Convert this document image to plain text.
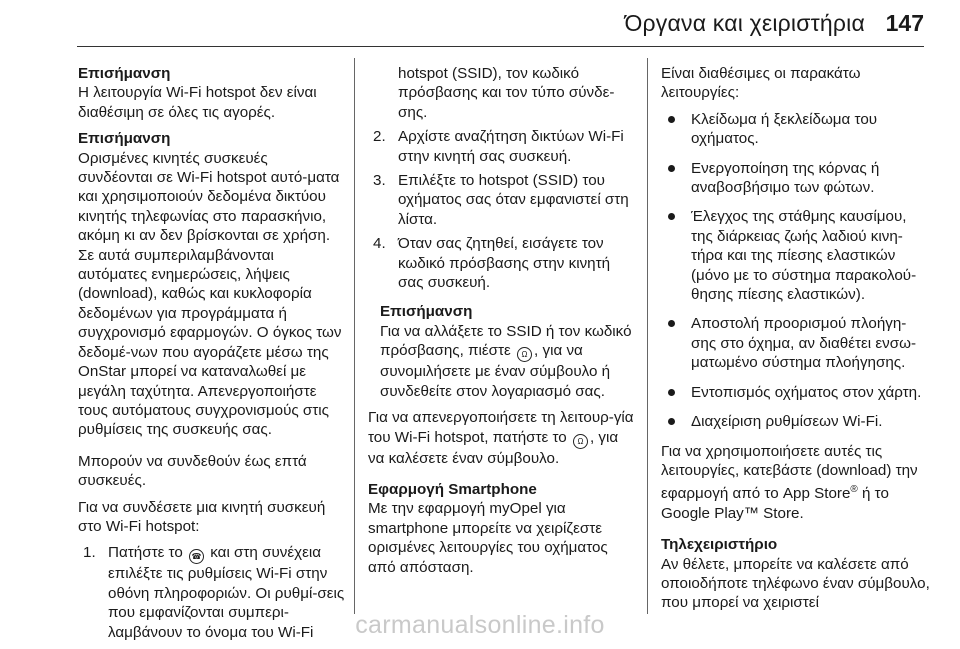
Όργανα και χειριστήρια 147

Επισήμανση
Η λειτουργία Wi-Fi hotspot δεν είναι διαθέσιμη σε όλες τις αγορές.

Επισήμανση
Ορισμένες κινητές συσκευές συνδέονται σε Wi-Fi hotspot αυτό-ματα και χρησιμοποιούν δεδομένα δικτύου κινητής τηλεφωνίας στο παρασκήνιο, ακόμη κι αν δεν βρίσκονται σε χρήση. Σε αυτά συμπεριλαμβάνονται αυτόματες ενημερώσεις, λήψεις (download), καθώς και κυκλοφορία δεδομένων για προγράμματα ή συγχρονισμό εφαρμογών. Ο όγκος των δεδομέ-νων που αγοράζετε μέσω της OnStar μπορεί να καταναλωθεί με μεγάλη ταχύτητα. Απενεργοποιήστε τους αυτόματους συγχρονισμούς στις ρυθμίσεις της συσκευής σας.

Μπορούν να συνδεθούν έως επτά συσκευές.

Για να συνδέσετε μια κινητή συσκευή στο Wi-Fi hotspot:

1. Πατήστε το ☎ και στη συνέχεια επιλέξτε τις ρυθμίσεις Wi-Fi στην οθόνη πληροφοριών. Οι ρυθμί-σεις που εμφανίζονται συμπερι-λαμβάνουν το όνομα του Wi-Fi
hotspot (SSID), τον κωδικό πρόσβασης και τον τύπο σύνδε-σης.
2. Αρχίστε αναζήτηση δικτύων Wi-Fi στην κινητή σας συσκευή.
3. Επιλέξτε το hotspot (SSID) του οχήματος σας όταν εμφανιστεί στη λίστα.
4. Όταν σας ζητηθεί, εισάγετε τον κωδικό πρόσβασης στην κινητή σας συσκευή.

Επισήμανση
Για να αλλάξετε το SSID ή τον κωδικό πρόσβασης, πιέστε Ω , για να συνομιλήσετε με έναν σύμβουλο ή συνδεθείτε στον λογαριασμό σας.

Για να απενεργοποιήσετε τη λειτουρ-γία του Wi-Fi hotspot, πατήστε το Ω , για να καλέσετε έναν σύμβουλο.

Εφαρμογή Smartphone
Με την εφαρμογή myOpel για smartphone μπορείτε να χειρίζεστε ορισμένες λειτουργίες του οχήματος από απόσταση.

Είναι διαθέσιμες οι παρακάτω λειτουργίες:

Κλείδωμα ή ξεκλείδωμα του οχήματος.
Ενεργοποίηση της κόρνας ή αναβοσβήσιμο των φώτων.
Έλεγχος της στάθμης καυσίμου, της διάρκειας ζωής λαδιού κινη-τήρα και της πίεσης ελαστικών (μόνο με το σύστημα παρακολού-θησης πίεσης ελαστικών).
Αποστολή προορισμού πλοήγη-σης στο όχημα, αν διαθέτει ενσω-ματωμένο σύστημα πλοήγησης.
Εντοπισμός οχήματος στον χάρτη.
Διαχείριση ρυθμίσεων Wi-Fi.

Για να χρησιμοποιήσετε αυτές τις λειτουργίες, κατεβάστε (download) την εφαρμογή από το App Store® ή το Google Play™ Store.

Τηλεχειριστήριο
Αν θέλετε, μπορείτε να καλέσετε από οποιοδήποτε τηλέφωνο έναν σύμβουλο, που μπορεί να χειριστεί

carmanualsonline.info
